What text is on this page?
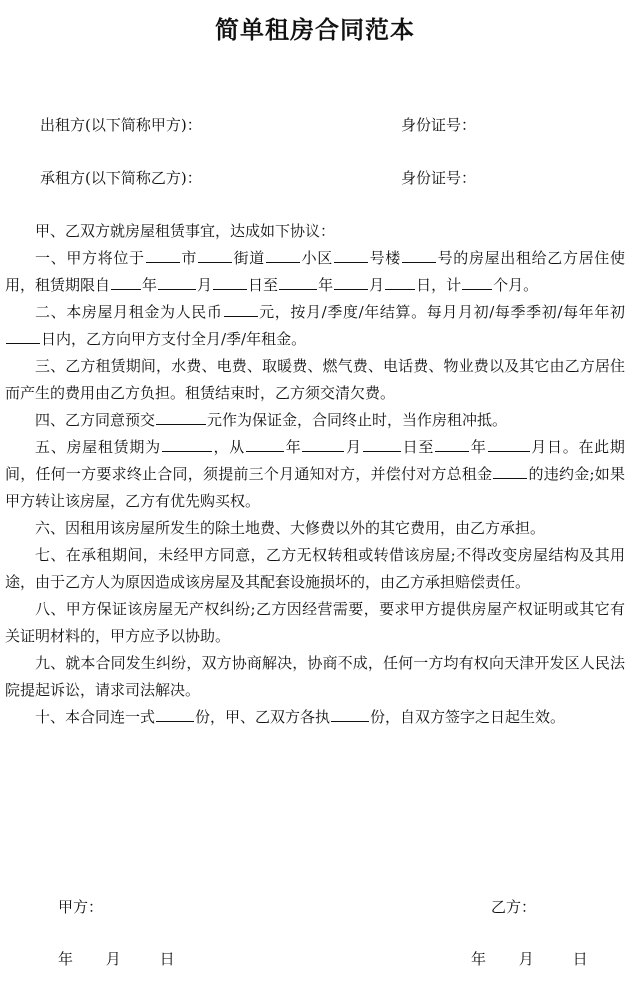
简单租房合同范本
出租方(以下简称甲方)：	身份证号：
承租方(以下简称乙方)：	身份证号：

甲、乙双方就房屋租赁事宜，达成如下协议：

一、甲方将位于 市 街道 小区 号楼 号的房屋出租给乙方居住使用，租赁期限自 年	月 日至	年 月 日，计 个月。

二、本房屋月租金为人民币 元，按月/季度/年结算。每月月初/每季季初/每年年初日内，乙方向甲方支付全月/季/年租金。

三、乙方租赁期间，水费、电费、取暖费、燃气费、电话费、物业费以及其它由乙方居住而产生的费用由乙方负担。租赁结束时，乙方须交清欠费。

四、乙方同意预交	元作为保证金，合同终止时，当作房租冲抵。

五、房屋租赁期为	，从	年	月	日至 年	月日。在此期间，任何一方要求终止合同，须提前三个月通知对方，并偿付对方总租金 的违约金;如果甲方转让该房屋，乙方有优先购买权。

六、因租用该房屋所发生的除土地费、大修费以外的其它费用，由乙方承担。

七、在承租期间，未经甲方同意，乙方无权转租或转借该房屋;不得改变房屋结构及其用途，由于乙方人为原因造成该房屋及其配套设施损坏的，由乙方承担赔偿责任。

八、甲方保证该房屋无产权纠纷;乙方因经营需要，要求甲方提供房屋产权证明或其它有关证明材料的，甲方应予以协助。

九、就本合同发生纠纷，双方协商解决，协商不成，任何一方均有权向天津开发区人民法院提起诉讼，请求司法解决。

十、本合同连一式	份，甲、乙双方各执	份，自双方签字之日起生效。

甲方：	乙方：
年 月	日	年 月	日
